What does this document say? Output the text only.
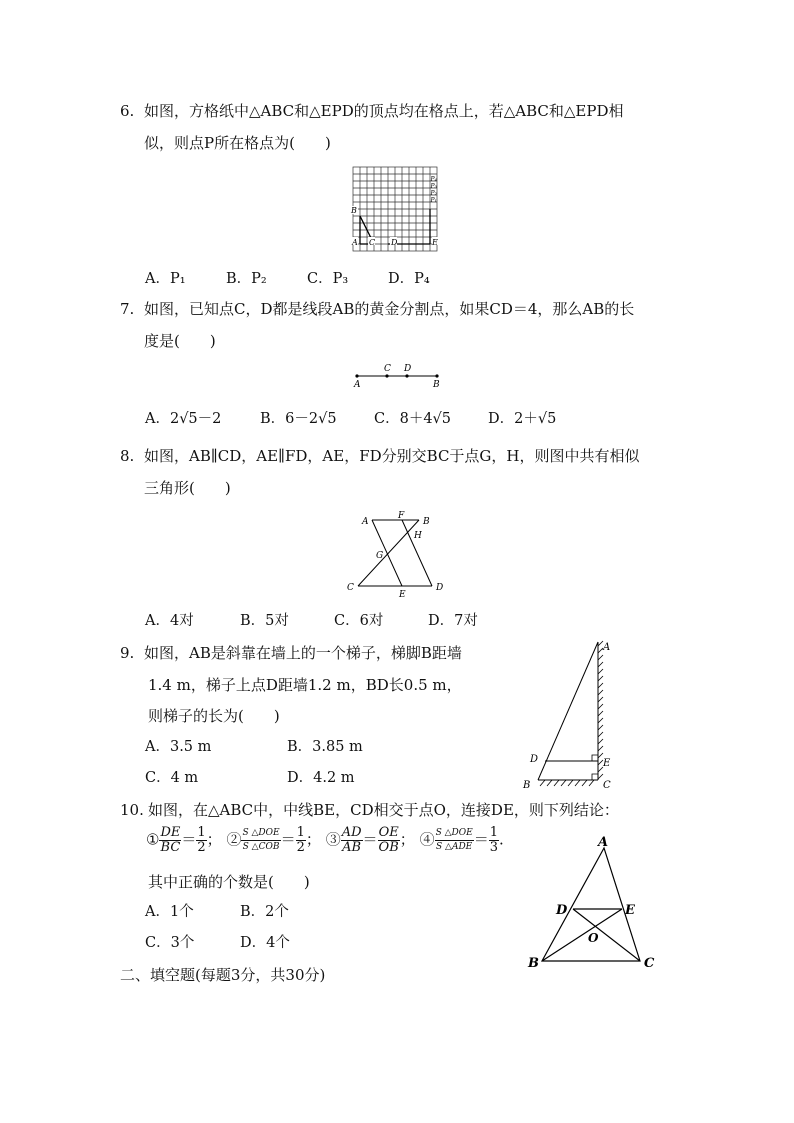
6. 如图，方格纸中△ABC和△EPD的顶点均在格点上，若△ABC和△EPD相
似，则点P所在格点为(　　)
A C D	E
B
P₄
P₃
P₂
P₁
A．P₁	B．P₂	C．P₃	D．P₄
7. 如图，已知点C，D都是线段AB的黄金分割点，如果CD＝4，那么AB的长
度是(　　)
A
C D
B
A．2√5－2	B．6－2√5	C．8＋4√5	D．2＋√5
8. 如图，AB∥CD，AE∥FD，AE，FD分别交BC于点G，H，则图中共有相似
三角形(　　)
A
F
B
H
G
C
E
D
A．4对	B．5对	C．6对	D．7对
9. 如图，AB是斜靠在墙上的一个梯子，梯脚B距墙
1.4 m，梯子上点D距墙1.2 m，BD长0.5 m，
则梯子的长为(　　)
A．3.5 m	B．3.85 m
C．4 m	D．4.2 m
A
D	E
B	C
10. 如图，在△ABC中，中线BE，CD相交于点O，连接DE，则下列结论：
① $\frac{DE}{BC} = \frac{1}{2}$ ； ② $\frac{\text{S △DOE}}{\text{S △COB}} = \frac{1}{2}$ ； ③ $\frac{AD}{AB} = \frac{OE}{OB}$ ； ④ $\frac{\text{S △DOE}}{\text{S △ADE}} = \frac{1}{3}$ .
其中正确的个数是(　　)
A．1个	B．2个
C．3个	D．4个
A
D	E
O
B	C
二、填空题(每题3分，共30分)
